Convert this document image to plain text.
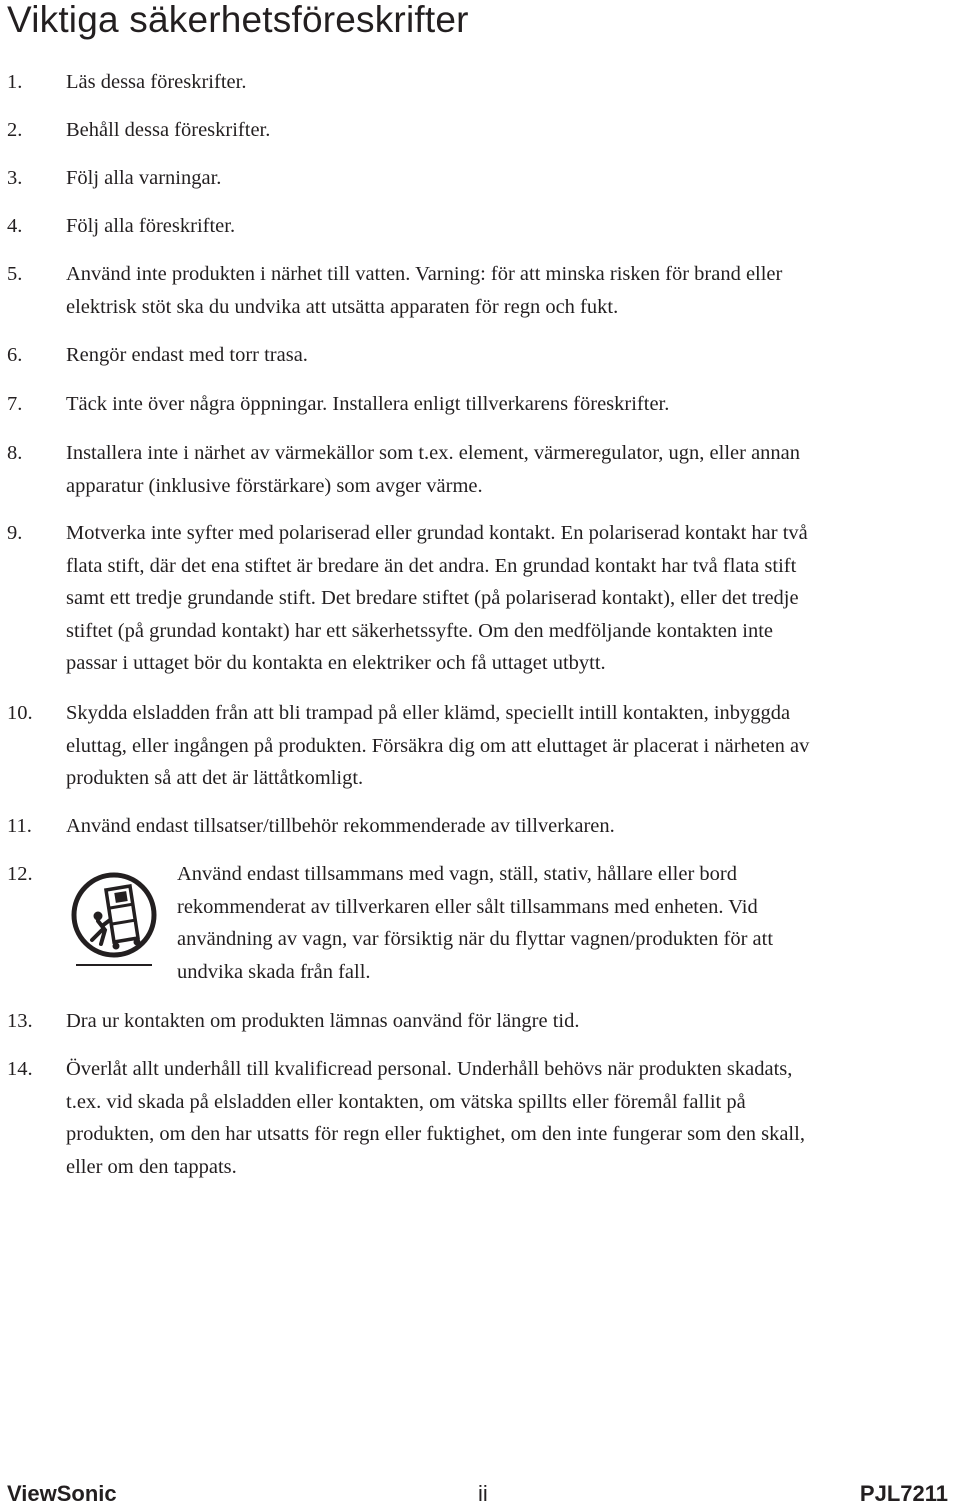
Viktiga säkerhetsföreskrifter
1. Läs dessa föreskrifter.
2. Behåll dessa föreskrifter.
3. Följ alla varningar.
4. Följ alla föreskrifter.
5. Använd inte produkten i närhet till vatten. Varning: för att minska risken för brand eller
elektrisk stöt ska du undvika att utsätta apparaten för regn och fukt.
6. Rengör endast med torr trasa.
7. Täck inte över några öppningar. Installera enligt tillverkarens föreskrifter.
8. Installera inte i närhet av värmekällor som t.ex. element, värmeregulator, ugn, eller annan
apparatur (inklusive förstärkare) som avger värme.
9. Motverka inte syfter med polariserad eller grundad kontakt. En polariserad kontakt har två
flata stift, där det ena stiftet är bredare än det andra. En grundad kontakt har två flata stift
samt ett tredje grundande stift. Det bredare stiftet (på polariserad kontakt), eller det tredje
stiftet (på grundad kontakt) har ett säkerhetssyfte. Om den medföljande kontakten inte
passar i uttaget bör du kontakta en elektriker och få uttaget utbytt.
10. Skydda elsladden från att bli trampad på eller klämd, speciellt intill kontakten, inbyggda
eluttag, eller ingången på produkten. Försäkra dig om att eluttaget är placerat i närheten av
produkten så att det är lättåtkomligt.
11. Använd endast tillsatser/tillbehör rekommenderade av tillverkaren.
12.	Använd endast tillsammans med vagn, ställ, stativ, hållare eller bord
rekommenderat av tillverkaren eller sålt tillsammans med enheten. Vid
användning av vagn, var försiktig när du flyttar vagnen/produkten för att
undvika skada från fall.
13. Dra ur kontakten om produkten lämnas oanvänd för längre tid.
14. Överlåt allt underhåll till kvalificread personal. Underhåll behövs när produkten skadats,
t.ex. vid skada på elsladden eller kontakten, om vätska spillts eller föremål fallit på
produkten, om den har utsatts för regn eller fuktighet, om den inte fungerar som den skall,
eller om den tappats.
ViewSonic	ii	PJL7211
